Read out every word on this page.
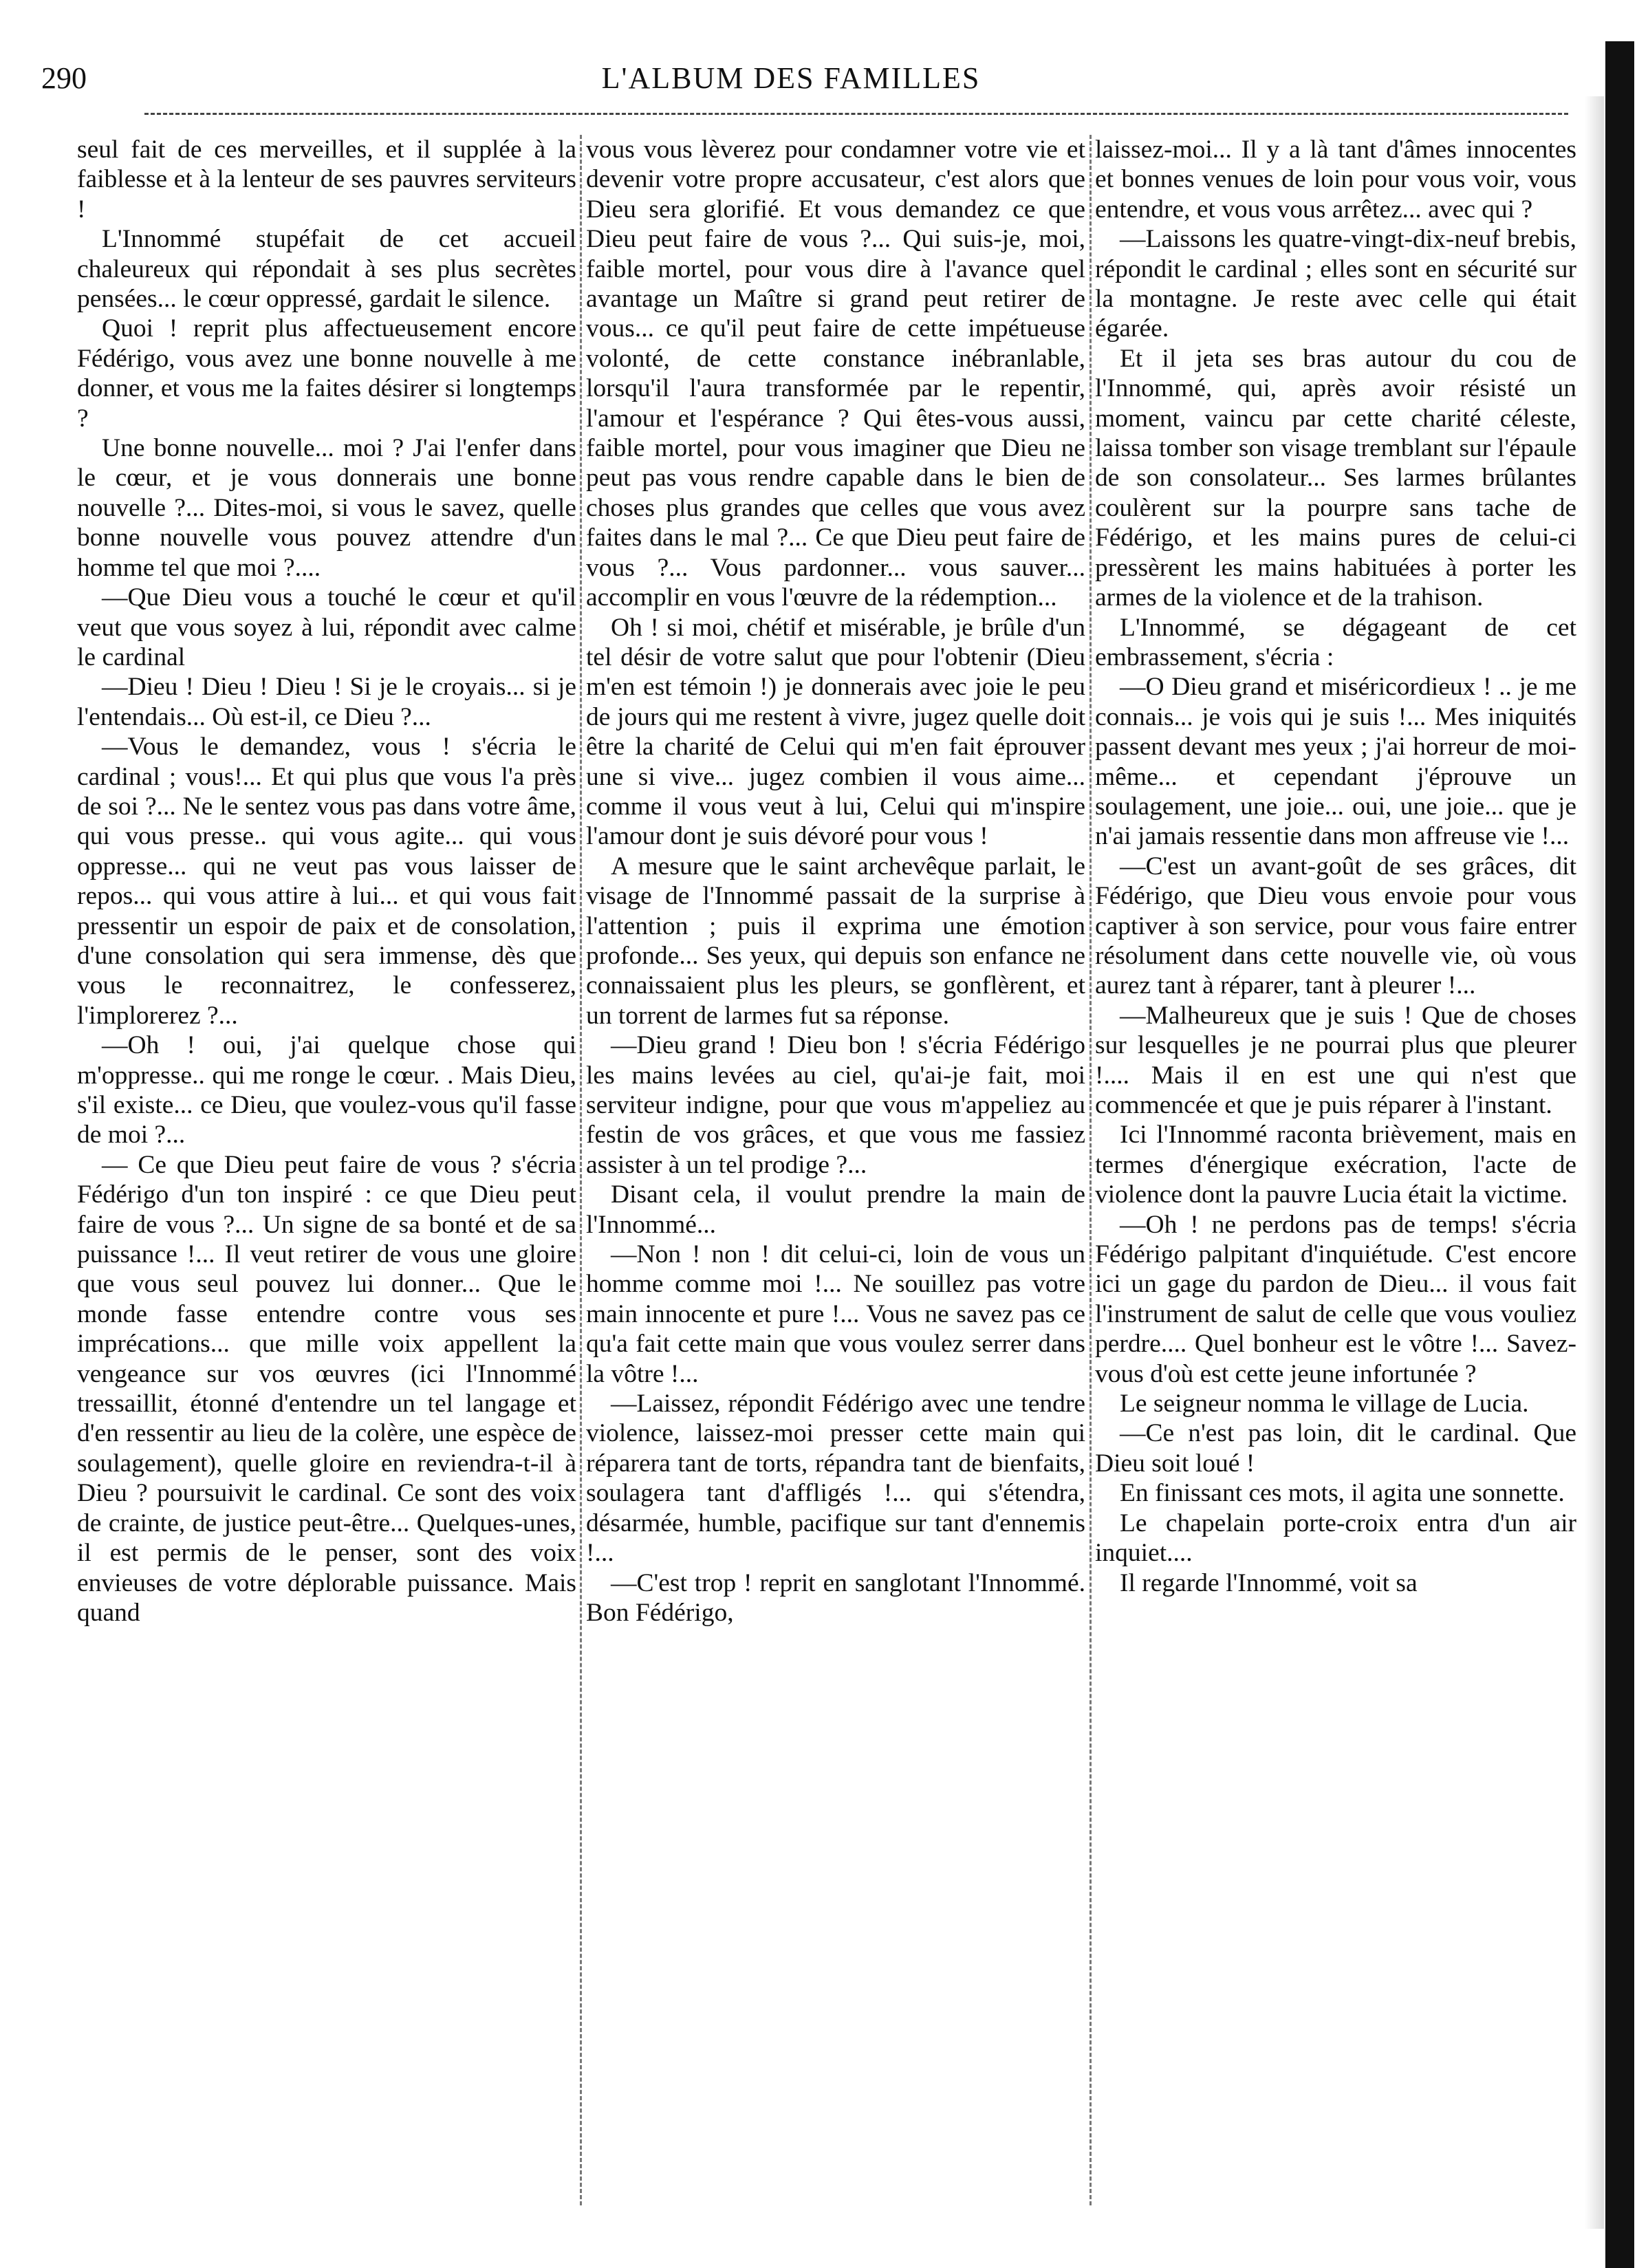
290	L'ALBUM DES FAMILLES

seul fait de ces merveilles, et il supplée à la faiblesse et à la lenteur de ses pauvres serviteurs !

L'Innommé stupéfait de cet accueil chaleureux qui répondait à ses plus secrètes pensées... le cœur oppressé, gardait le silence.

Quoi ! reprit plus affectueusement encore Fédérigo, vous avez une bonne nouvelle à me donner, et vous me la faites désirer si longtemps ?

Une bonne nouvelle... moi ? J'ai l'enfer dans le cœur, et je vous donnerais une bonne nouvelle ?... Dites-moi, si vous le savez, quelle bonne nouvelle vous pouvez attendre d'un homme tel que moi ?....

—Que Dieu vous a touché le cœur et qu'il veut que vous soyez à lui, répondit avec calme le cardinal

—Dieu ! Dieu ! Dieu ! Si je le croyais... si je l'entendais... Où est-il, ce Dieu ?...

—Vous le demandez, vous ! s'écria le cardinal ; vous!... Et qui plus que vous l'a près de soi ?... Ne le sentez vous pas dans votre âme, qui vous presse.. qui vous agite... qui vous oppresse... qui ne veut pas vous laisser de repos... qui vous attire à lui... et qui vous fait pressentir un espoir de paix et de consolation, d'une consolation qui sera immense, dès que vous le reconnaitrez, le confesserez, l'implorerez ?...

—Oh ! oui, j'ai quelque chose qui m'oppresse.. qui me ronge le cœur. . Mais Dieu, s'il existe... ce Dieu, que voulez-vous qu'il fasse de moi ?...

— Ce que Dieu peut faire de vous ? s'écria Fédérigo d'un ton inspiré : ce que Dieu peut faire de vous ?... Un signe de sa bonté et de sa puissance !... Il veut retirer de vous une gloire que vous seul pouvez lui donner... Que le monde fasse entendre contre vous ses imprécations... que mille voix appellent la vengeance sur vos œuvres (ici l'Innommé tressaillit, étonné d'entendre un tel langage et d'en ressentir au lieu de la colère, une espèce de soulagement), quelle gloire en reviendra-t-il à Dieu ? poursuivit le cardinal. Ce sont des voix de crainte, de justice peut-être... Quelques-unes, il est permis de le penser, sont des voix envieuses de votre déplorable puissance. Mais quand

vous vous lèverez pour condamner votre vie et devenir votre propre accusateur, c'est alors que Dieu sera glorifié. Et vous demandez ce que Dieu peut faire de vous ?... Qui suis-je, moi, faible mortel, pour vous dire à l'avance quel avantage un Maître si grand peut retirer de vous... ce qu'il peut faire de cette impétueuse volonté, de cette constance inébranlable, lorsqu'il l'aura transformée par le repentir, l'amour et l'espérance ? Qui êtes-vous aussi, faible mortel, pour vous imaginer que Dieu ne peut pas vous rendre capable dans le bien de choses plus grandes que celles que vous avez faites dans le mal ?... Ce que Dieu peut faire de vous ?... Vous pardonner... vous sauver... accomplir en vous l'œuvre de la rédemption...

Oh ! si moi, chétif et misérable, je brûle d'un tel désir de votre salut que pour l'obtenir (Dieu m'en est témoin !) je donnerais avec joie le peu de jours qui me restent à vivre, jugez quelle doit être la charité de Celui qui m'en fait éprouver une si vive... jugez combien il vous aime... comme il vous veut à lui, Celui qui m'inspire l'amour dont je suis dévoré pour vous !

A mesure que le saint archevêque parlait, le visage de l'Innommé passait de la surprise à l'attention ; puis il exprima une émotion profonde... Ses yeux, qui depuis son enfance ne connaissaient plus les pleurs, se gonflèrent, et un torrent de larmes fut sa réponse.

—Dieu grand ! Dieu bon ! s'écria Fédérigo les mains levées au ciel, qu'ai-je fait, moi serviteur indigne, pour que vous m'appeliez au festin de vos grâces, et que vous me fassiez assister à un tel prodige ?...

Disant cela, il voulut prendre la main de l'Innommé...

—Non ! non ! dit celui-ci, loin de vous un homme comme moi !... Ne souillez pas votre main innocente et pure !... Vous ne savez pas ce qu'a fait cette main que vous voulez serrer dans la vôtre !...

—Laissez, répondit Fédérigo avec une tendre violence, laissez-moi presser cette main qui réparera tant de torts, répandra tant de bienfaits, soulagera tant d'affligés !... qui s'étendra, désarmée, humble, pacifique sur tant d'ennemis !...

—C'est trop ! reprit en sanglotant l'Innommé. Bon Fédérigo,

laissez-moi... Il y a là tant d'âmes innocentes et bonnes venues de loin pour vous voir, vous entendre, et vous vous arrêtez... avec qui ?

—Laissons les quatre-vingt-dix-neuf brebis, répondit le cardinal ; elles sont en sécurité sur la montagne. Je reste avec celle qui était égarée.

Et il jeta ses bras autour du cou de l'Innommé, qui, après avoir résisté un moment, vaincu par cette charité céleste, laissa tomber son visage tremblant sur l'épaule de son consolateur... Ses larmes brûlantes coulèrent sur la pourpre sans tache de Fédérigo, et les mains pures de celui-ci pressèrent les mains habituées à porter les armes de la violence et de la trahison.

L'Innommé, se dégageant de cet embrassement, s'écria :

—O Dieu grand et miséricordieux ! .. je me connais... je vois qui je suis !... Mes iniquités passent devant mes yeux ; j'ai horreur de moi-même... et cependant j'éprouve un soulagement, une joie... oui, une joie... que je n'ai jamais ressentie dans mon affreuse vie !...

—C'est un avant-goût de ses grâces, dit Fédérigo, que Dieu vous envoie pour vous captiver à son service, pour vous faire entrer résolument dans cette nouvelle vie, où vous aurez tant à réparer, tant à pleurer !...

—Malheureux que je suis ! Que de choses sur lesquelles je ne pourrai plus que pleurer !.... Mais il en est une qui n'est que commencée et que je puis réparer à l'instant.

Ici l'Innommé raconta brièvement, mais en termes d'énergique exécration, l'acte de violence dont la pauvre Lucia était la victime.

—Oh ! ne perdons pas de temps! s'écria Fédérigo palpitant d'inquiétude. C'est encore ici un gage du pardon de Dieu... il vous fait l'instrument de salut de celle que vous vouliez perdre.... Quel bonheur est le vôtre !... Savez-vous d'où est cette jeune infortunée ?

Le seigneur nomma le village de Lucia.

—Ce n'est pas loin, dit le cardinal. Que Dieu soit loué !

En finissant ces mots, il agita une sonnette.

Le chapelain porte-croix entra d'un air inquiet....

Il regarde l'Innommé, voit sa
